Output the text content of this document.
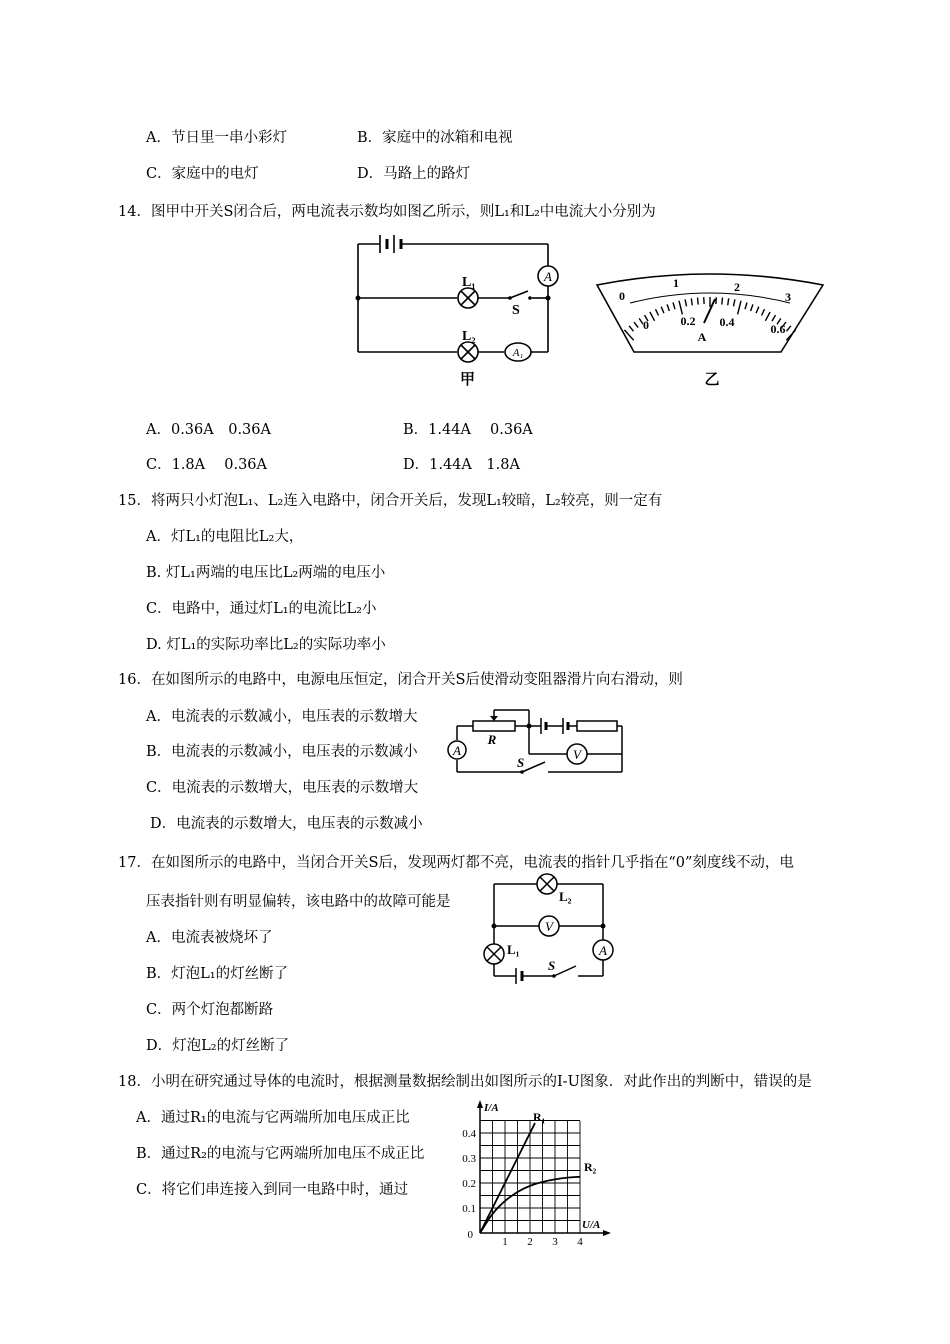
A．节日里一串小彩灯	B．家庭中的冰箱和电视
C．家庭中的电灯	D．马路上的路灯
14．图甲中开关S闭合后，两电流表示数均如图乙所示，则L₁和L₂中电流大小分别为
A
A₁
L₁
L₂
S
甲
0
1	2
3
0	0.2 0.4	0.6
A
乙
A．0.36A　0.36A	B．1.44A　 0.36A
C．1.8A　 0.36A	D．1.44A　1.8A
15．将两只小灯泡L₁、L₂连入电路中，闭合开关后，发现L₁较暗，L₂较亮，则一定有
A．灯L₁的电阻比L₂大，
B. 灯L₁两端的电压比L₂两端的电压小
C．电路中，通过灯L₁的电流比L₂小
D. 灯L₁的实际功率比L₂的实际功率小
16．在如图所示的电路中，电源电压恒定，闭合开关S后使滑动变阻器滑片向右滑动，则
A．电流表的示数减小，电压表的示数增大
B．电流表的示数减小，电压表的示数减小
C．电流表的示数增大，电压表的示数增大
D．电流表的示数增大，电压表的示数减小
R
A	V
S
17．在如图所示的电路中，当闭合开关S后，发现两灯都不亮，电流表的指针几乎指在“0”刻度线不动，电
压表指针则有明显偏转，该电路中的故障可能是
A．电流表被烧坏了
B．灯泡L₁的灯丝断了
C．两个灯泡都断路
D．灯泡L₂的灯丝断了
L₂
V
L₁	A
S
18．小明在研究通过导体的电流时，根据测量数据绘制出如图所示的I-U图象．对此作出的判断中，错误的是
A．通过R₁的电流与它两端所加电压成正比
B．通过R₂的电流与它两端所加电压不成正比
C．将它们串连接入到同一电路中时，通过
1 2 3 4
0.1
0.2
0.3
0.4
R₁
R₂
I/A
U/A
0
